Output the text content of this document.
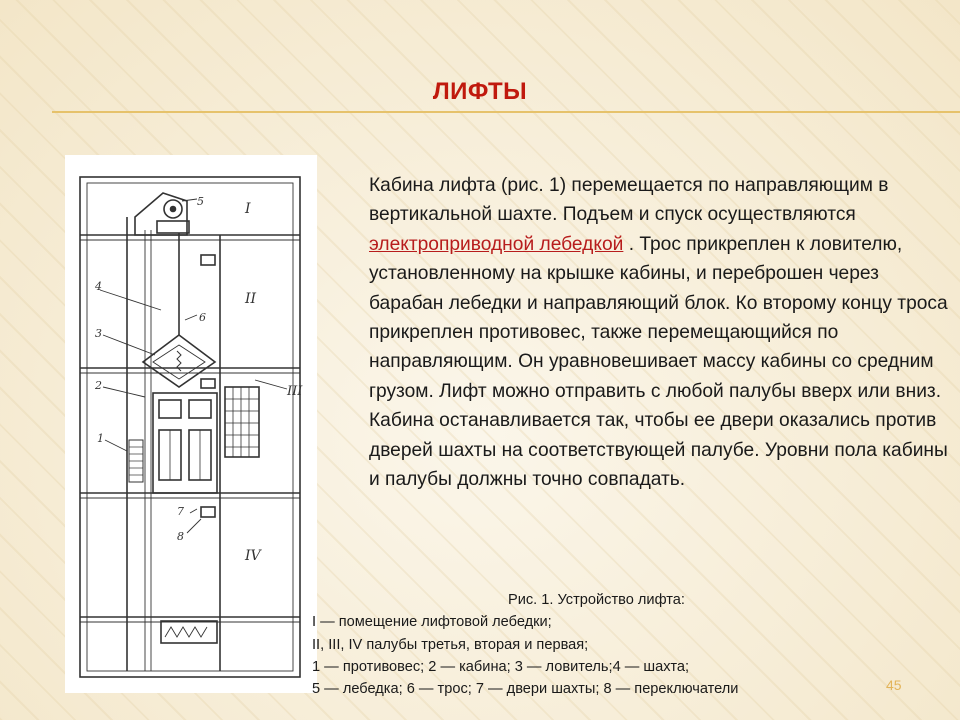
ЛИФТЫ
5
6
4
3
2
1
7
8
I
II
III
IV

Кабина лифта (рис. 1) перемещается по направляющим в вертикальной шахте. Подъем и спуск осуществляются электроприводной лебедкой . Трос прикреплен к ловителю, установленному на крышке кабины, и переброшен через барабан лебедки и направляющий блок. Ко второму концу троса прикреплен противовес, также перемещающийся по направляющим. Он уравновешивает массу кабины со средним грузом. Лифт можно отправить с любой палубы вверх или вниз. Кабина останавливается так, чтобы ее двери оказались против дверей шахты на соответствующей палубе. Уровни пола кабины и палубы должны точно совпадать.

Рис. 1. Устройство лифта:
I — помещение лифтовой лебедки;
II, III, IV палубы третья, вторая и первая;
1 — противовес; 2 — кабина; 3 — ловитель;4 — шахта;
5 — лебедка; 6 — трос; 7 — двери шахты; 8 — переключатели	45
